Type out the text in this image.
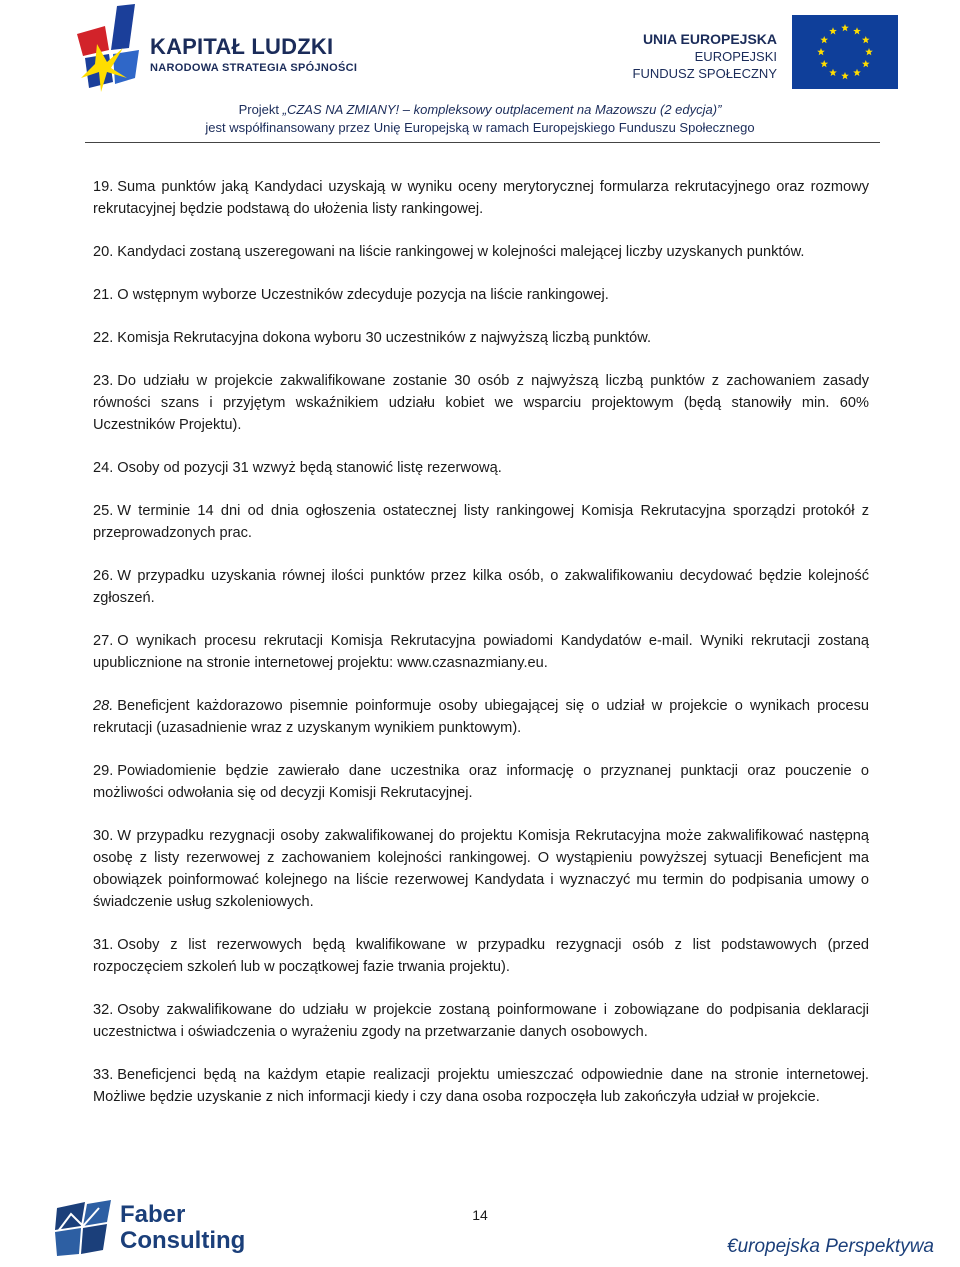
KAPITAŁ LUDZKI
NARODOWA STRATEGIA SPÓJNOŚCI
UNIA EUROPEJSKA
EUROPEJSKI
FUNDUSZ SPOŁECZNY
Projekt „CZAS NA ZMIANY! – kompleksowy outplacement na Mazowszu (2 edycja)”
jest współfinansowany przez Unię Europejską w ramach Europejskiego Funduszu Społecznego

19. Suma punktów jaką Kandydaci uzyskają w wyniku oceny merytorycznej formularza rekrutacyjnego oraz rozmowy rekrutacyjnej będzie podstawą do ułożenia listy rankingowej.

20. Kandydaci zostaną uszeregowani na liście rankingowej w kolejności malejącej liczby uzyskanych punktów.

21. O wstępnym wyborze Uczestników zdecyduje pozycja na liście rankingowej.

22. Komisja Rekrutacyjna dokona wyboru 30 uczestników z najwyższą liczbą punktów.

23. Do udziału w projekcie zakwalifikowane zostanie 30 osób z najwyższą liczbą punktów z zachowaniem zasady równości szans i przyjętym wskaźnikiem udziału kobiet we wsparciu projektowym (będą stanowiły min. 60% Uczestników Projektu).

24. Osoby od pozycji 31 wzwyż będą stanowić listę rezerwową.

25. W terminie 14 dni od dnia ogłoszenia ostatecznej listy rankingowej Komisja Rekrutacyjna sporządzi protokół z przeprowadzonych prac.

26. W przypadku uzyskania równej ilości punktów przez kilka osób, o zakwalifikowaniu decydować będzie kolejność zgłoszeń.

27. O wynikach procesu rekrutacji Komisja Rekrutacyjna powiadomi Kandydatów e-mail. Wyniki rekrutacji zostaną upublicznione na stronie internetowej projektu: www.czasnazmiany.eu.

28. Beneficjent każdorazowo pisemnie poinformuje osoby ubiegającej się o udział w projekcie o wynikach procesu rekrutacji (uzasadnienie wraz z uzyskanym wynikiem punktowym).

29. Powiadomienie będzie zawierało dane uczestnika oraz informację o przyznanej punktacji oraz pouczenie o możliwości odwołania się od decyzji Komisji Rekrutacyjnej.

30. W przypadku rezygnacji osoby zakwalifikowanej do projektu Komisja Rekrutacyjna może zakwalifikować następną osobę z listy rezerwowej z zachowaniem kolejności rankingowej. O wystąpieniu powyższej sytuacji Beneficjent ma obowiązek poinformować kolejnego na liście rezerwowej Kandydata i wyznaczyć mu termin do podpisania umowy o świadczenie usług szkoleniowych.

31. Osoby z list rezerwowych będą kwalifikowane w przypadku rezygnacji osób z list podstawowych (przed rozpoczęciem szkoleń lub w początkowej fazie trwania projektu).

32. Osoby zakwalifikowane do udziału w projekcie zostaną poinformowane i zobowiązane do podpisania deklaracji uczestnictwa i oświadczenia o wyrażeniu zgody na przetwarzanie danych osobowych.

33. Beneficjenci będą na każdym etapie realizacji projektu umieszczać odpowiednie dane na stronie internetowej. Możliwe będzie uzyskanie z nich informacji kiedy i czy dana osoba rozpoczęła lub zakończyła udział w projekcie.

Faber
Consulting
14
€uropejska Perspektywa
